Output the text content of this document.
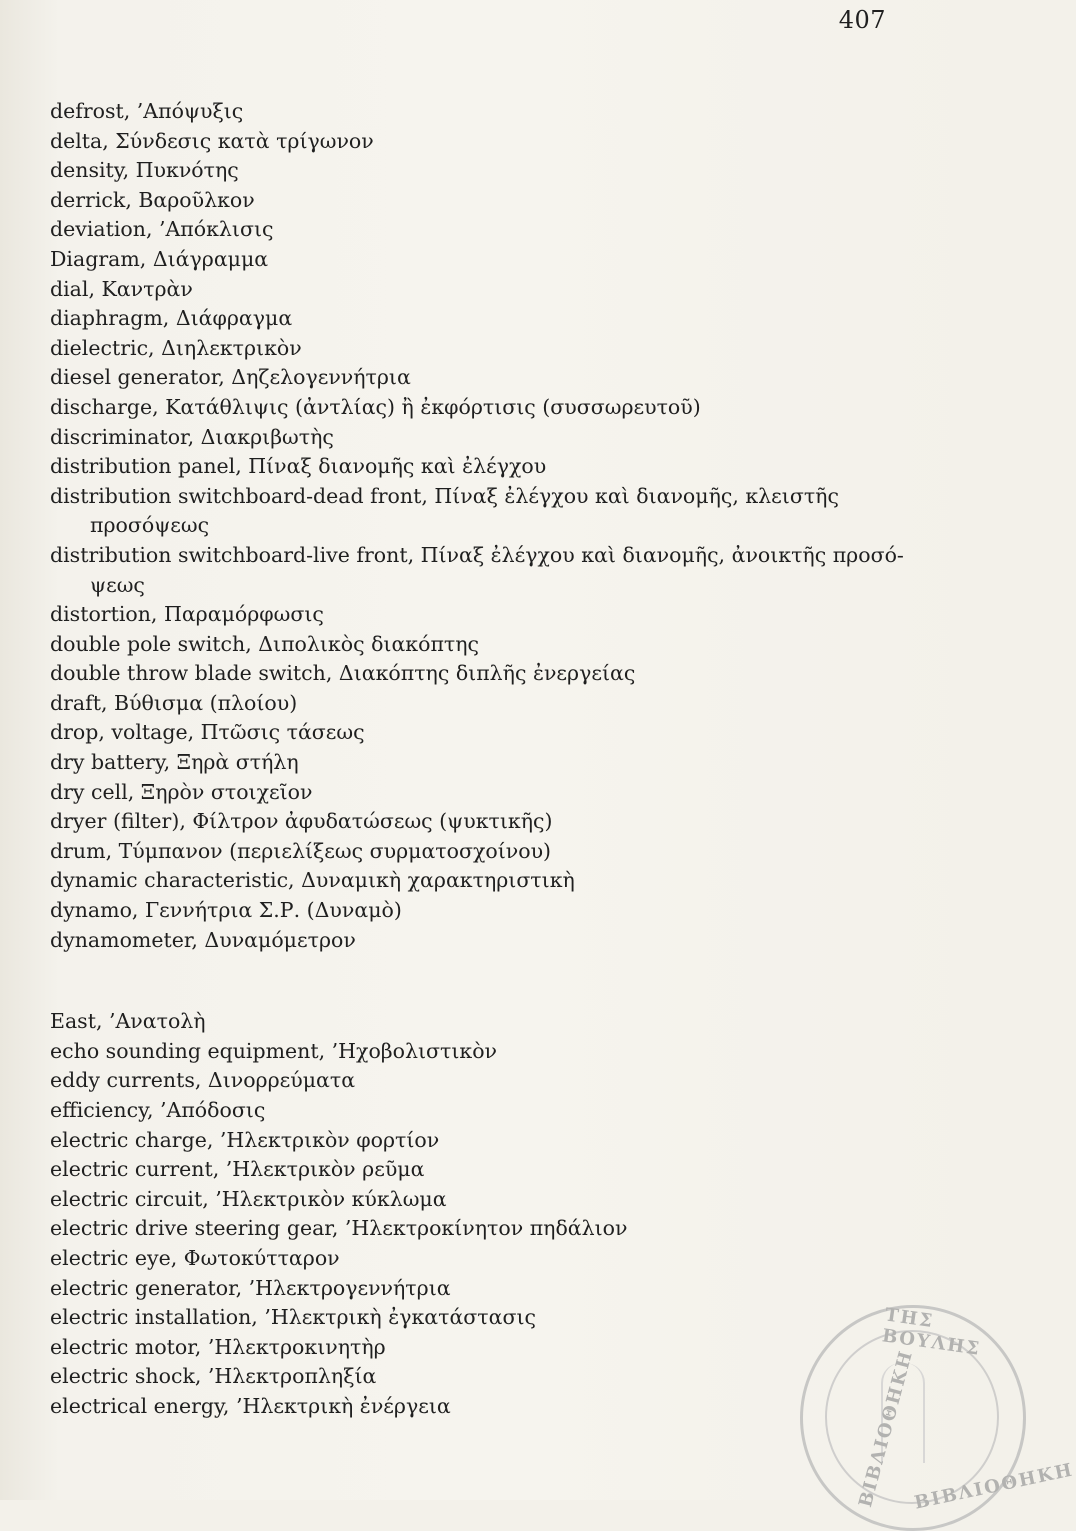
407
defrost, ’Απόψυξις
delta, Σύνδεσις κατὰ τρίγωνον
density, Πυκνότης
derrick, Βαροῦλκον
deviation, ’Απόκλισις
Diagram, Διάγραμμα
dial, Καντρὰν
diaphragm, Διάφραγμα
dielectric, Διηλεκτρικὸν
diesel generator, Δηζελογεννήτρια
discharge, Κατάθλιψις (ἀντλίας) ἢ ἐκφόρτισις (συσσωρευτοῦ)
discriminator, Διακριβωτὴς
distribution panel, Πίναξ διανομῆς καὶ ἐλέγχου
distribution switchboard-dead front, Πίναξ ἐλέγχου καὶ διανομῆς, κλειστῆς
προσόψεως
distribution switchboard-live front, Πίναξ ἐλέγχου καὶ διανομῆς, ἀνοικτῆς προσό-
ψεως
distortion, Παραμόρφωσις
double pole switch, Διπολικὸς διακόπτης
double throw blade switch, Διακόπτης διπλῆς ἐνεργείας
draft, Βύθισμα (πλοίου)
drop, voltage, Πτῶσις τάσεως
dry battery, Ξηρὰ στήλη
dry cell, Ξηρὸν στοιχεῖον
dryer (filter), Φίλτρον ἀφυδατώσεως (ψυκτικῆς)
drum, Τύμπανον (περιελίξεως συρματοσχοίνου)
dynamic characteristic, Δυναμικὴ χαρακτηριστικὴ
dynamo, Γεννήτρια Σ.Ρ. (Δυναμὸ)
dynamometer, Δυναμόμετρον
East, ’Ανατολὴ
echo sounding equipment, ’Ηχοβολιστικὸν
eddy currents, Δινορρεύματα
efficiency, ’Απόδοσις
electric charge, ’Ηλεκτρικὸν φορτίον
electric current, ’Ηλεκτρικὸν ρεῦμα
electric circuit, ’Ηλεκτρικὸν κύκλωμα
electric drive steering gear, ’Ηλεκτροκίνητον πηδάλιον
electric eye, Φωτοκύτταρον
electric generator, ’Ηλεκτρογεννήτρια
electric installation, ’Ηλεκτρικὴ ἐγκατάστασις
electric motor, ’Ηλεκτροκινητὴρ
electric shock, ’Ηλεκτροπληξία
electrical energy, ’Ηλεκτρικὴ ἐνέργεια
ΤΗΣ ΒΟΥΛΗΣ
ΒΙΒΛΙΟΘΗΚΗ
ΒΙΒΛΙΟΘΗΚΗ
